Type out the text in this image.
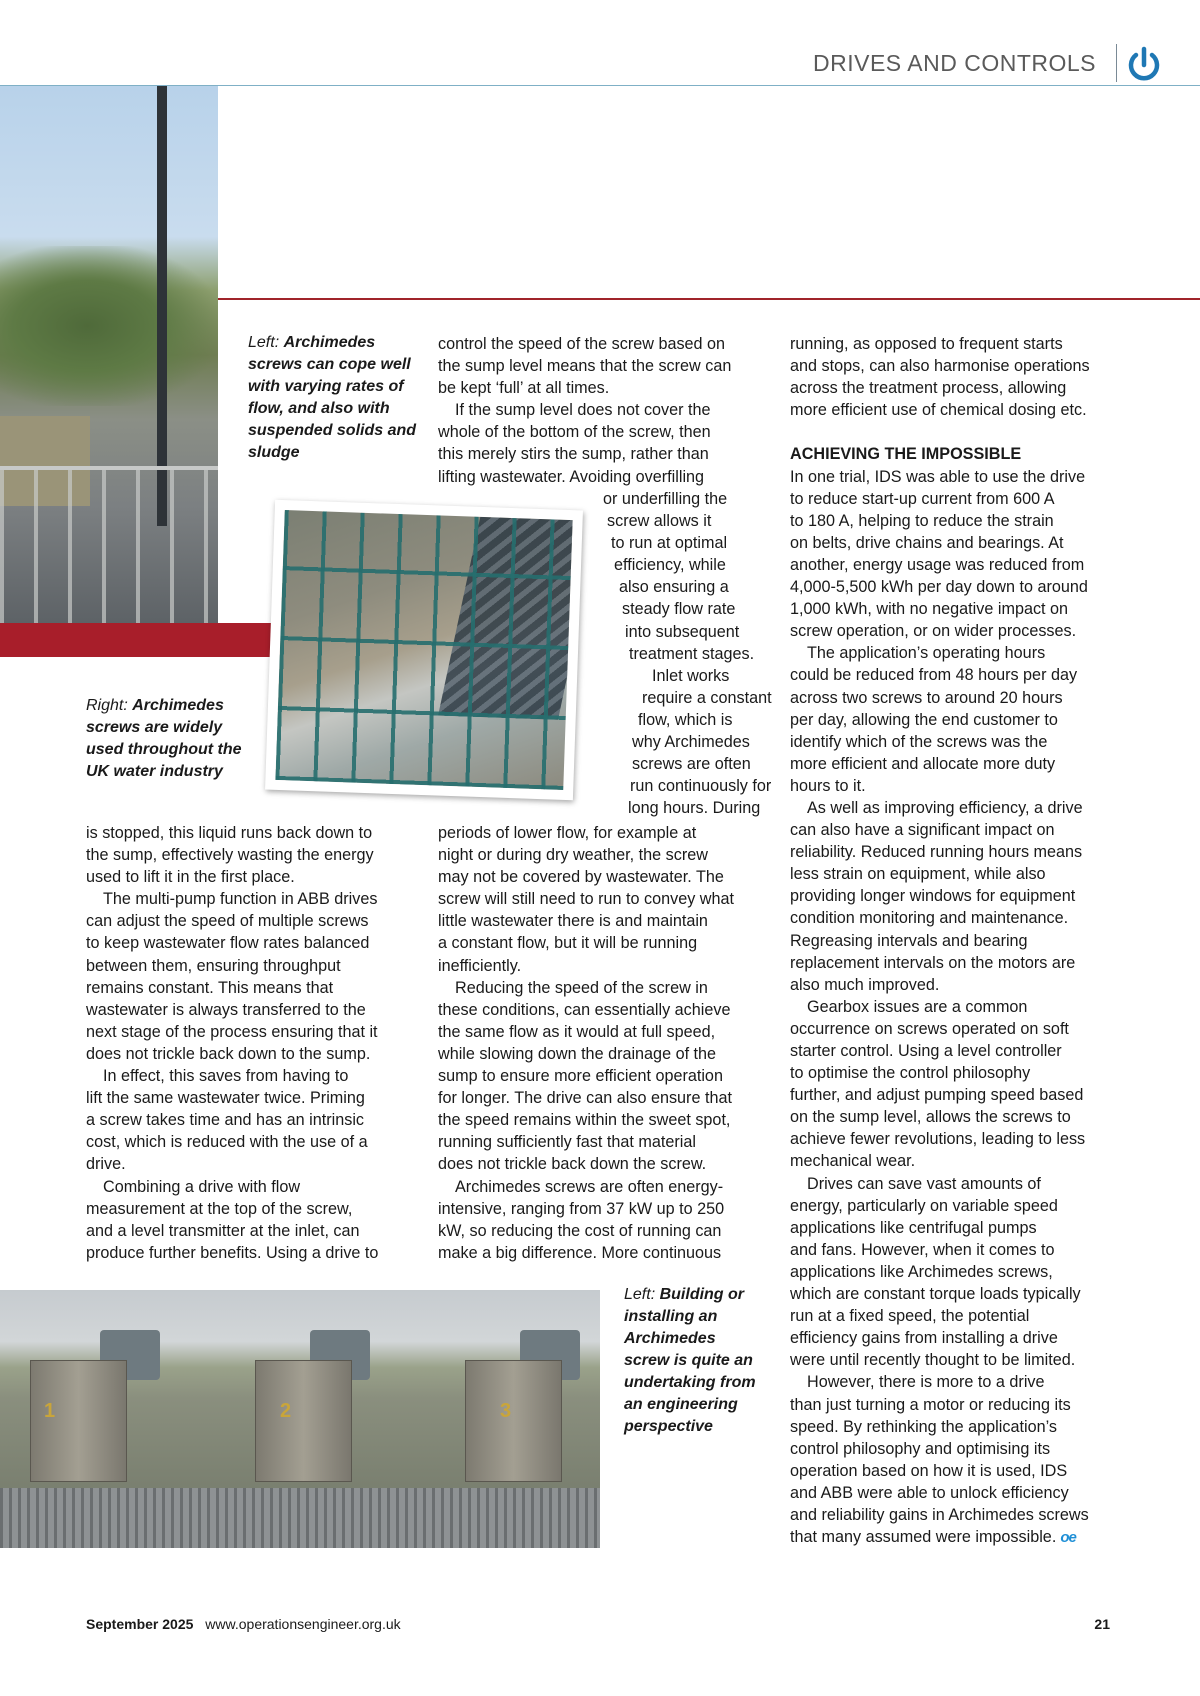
DRIVES AND CONTROLS
Left: Archimedes screws can cope well with varying rates of flow, and also with suspended solids and sludge
Right: Archimedes screws are widely used throughout the UK water industry
Left: Building or installing an Archimedes screw is quite an undertaking from an engineering perspective
1	2	3
is stopped, this liquid runs back down to
the sump, effectively wasting the energy
used to lift it in the first place.
The multi-pump function in ABB drives
can adjust the speed of multiple screws
to keep wastewater flow rates balanced
between them, ensuring throughput
remains constant. This means that
wastewater is always transferred to the
next stage of the process ensuring that it
does not trickle back down to the sump.
In effect, this saves from having to
lift the same wastewater twice. Priming
a screw takes time and has an intrinsic
cost, which is reduced with the use of a
drive.
Combining a drive with flow
measurement at the top of the screw,
and a level transmitter at the inlet, can
produce further benefits. Using a drive to
control the speed of the screw based on
the sump level means that the screw can
be kept ‘full’ at all times.
If the sump level does not cover the
whole of the bottom of the screw, then
this merely stirs the sump, rather than
lifting wastewater. Avoiding overfilling
or underfilling the
screw allows it
to run at optimal
efficiency, while
also ensuring a
steady flow rate
into subsequent
treatment stages.
Inlet works
require a constant
flow, which is
why Archimedes
screws are often
run continuously for
long hours. During
periods of lower flow, for example at
night or during dry weather, the screw
may not be covered by wastewater. The
screw will still need to run to convey what
little wastewater there is and maintain
a constant flow, but it will be running
inefficiently.
Reducing the speed of the screw in
these conditions, can essentially achieve
the same flow as it would at full speed,
while slowing down the drainage of the
sump to ensure more efficient operation
for longer. The drive can also ensure that
the speed remains within the sweet spot,
running sufficiently fast that material
does not trickle back down the screw.
Archimedes screws are often energy-
intensive, ranging from 37 kW up to 250
kW, so reducing the cost of running can
make a big difference. More continuous
running, as opposed to frequent starts
and stops, can also harmonise operations
across the treatment process, allowing
more efficient use of chemical dosing etc.

ACHIEVING THE IMPOSSIBLE
In one trial, IDS was able to use the drive
to reduce start-up current from 600 A
to 180 A, helping to reduce the strain
on belts, drive chains and bearings. At
another, energy usage was reduced from
4,000-5,500 kWh per day down to around
1,000 kWh, with no negative impact on
screw operation, or on wider processes.
The application’s operating hours
could be reduced from 48 hours per day
across two screws to around 20 hours
per day, allowing the end customer to
identify which of the screws was the
more efficient and allocate more duty
hours to it.
As well as improving efficiency, a drive
can also have a significant impact on
reliability. Reduced running hours means
less strain on equipment, while also
providing longer windows for equipment
condition monitoring and maintenance.
Regreasing intervals and bearing
replacement intervals on the motors are
also much improved.
Gearbox issues are a common
occurrence on screws operated on soft
starter control. Using a level controller
to optimise the control philosophy
further, and adjust pumping speed based
on the sump level, allows the screws to
achieve fewer revolutions, leading to less
mechanical wear.
Drives can save vast amounts of
energy, particularly on variable speed
applications like centrifugal pumps
and fans. However, when it comes to
applications like Archimedes screws,
which are constant torque loads typically
run at a fixed speed, the potential
efficiency gains from installing a drive
were until recently thought to be limited.
However, there is more to a drive
than just turning a motor or reducing its
speed. By rethinking the application’s
control philosophy and optimising its
operation based on how it is used, IDS
and ABB were able to unlock efficiency
and reliability gains in Archimedes screws
that many assumed were impossible. oe
September 2025 www.operationsengineer.org.uk	21
